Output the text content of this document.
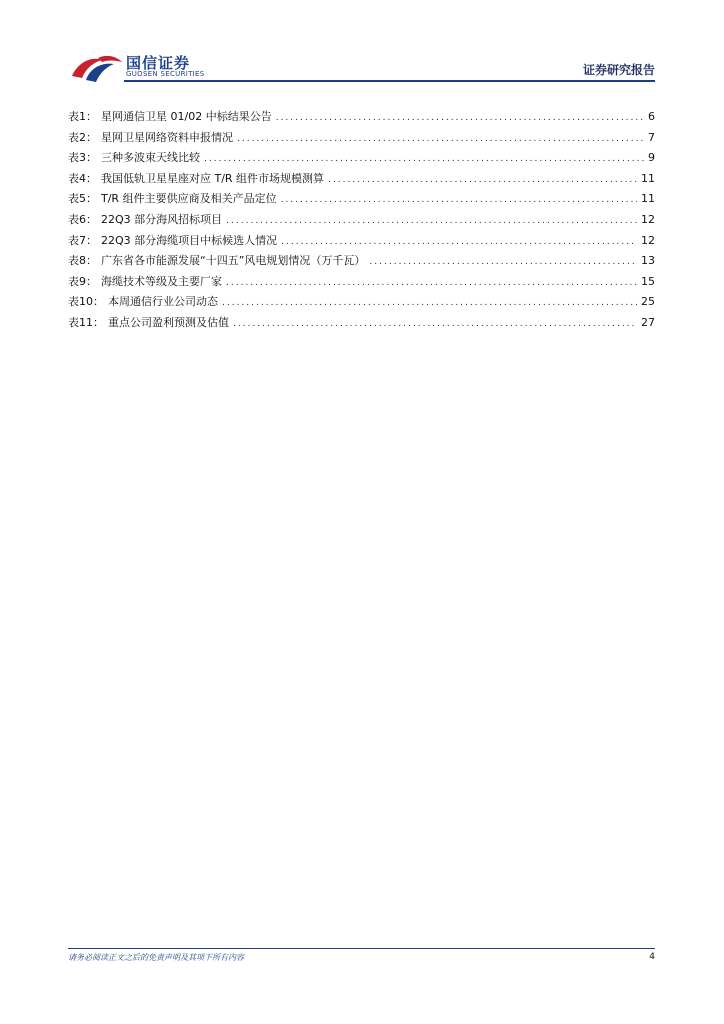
国信证券
GUOSEN SECURITIES	证券研究报告
表1： 星网通信卫星 01/02 中标结果公告 .....	6
表2： 星网卫星网络资料申报情况 .....	7
表3： 三种多波束天线比较 .....	9
表4： 我国低轨卫星星座对应 T/R 组件市场规模测算 .....	11
表5： T/R 组件主要供应商及相关产品定位 .....	11
表6： 22Q3 部分海风招标项目 .....	12
表7： 22Q3 部分海缆项目中标候选人情况 .....	12
表8： 广东省各市能源发展“十四五”风电规划情况（万千瓦） .....	13
表9： 海缆技术等级及主要厂家 .....	15
表10： 本周通信行业公司动态 .....	25
表11： 重点公司盈利预测及估值 .....	27
请务必阅读正文之后的免责声明及其项下所有内容	4
